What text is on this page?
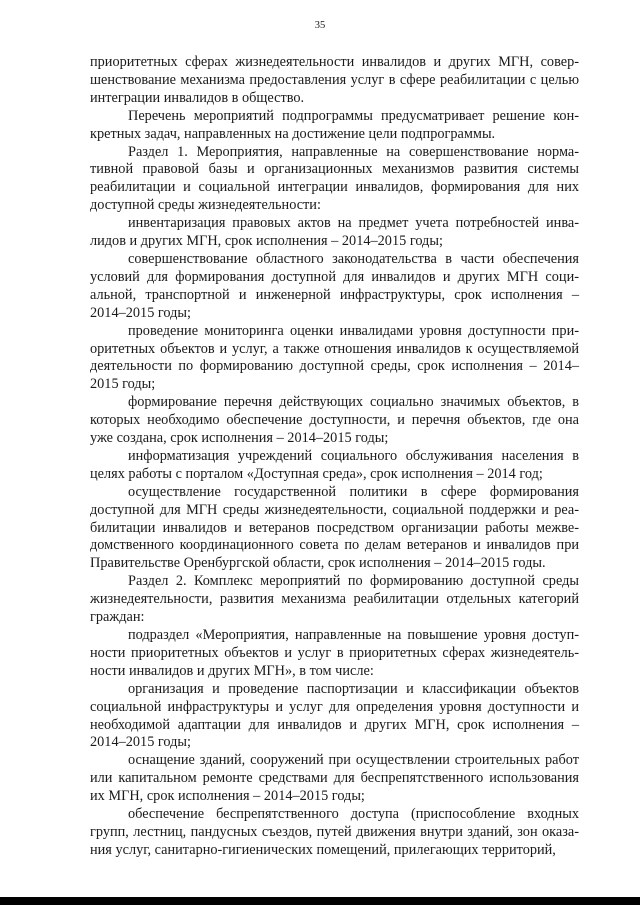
35

приоритетных сферах жизнедеятельности инвалидов и других МГН, совершенствование механизма предоставления услуг в сфере реабилитации с целью интеграции инвалидов в общество.

Перечень мероприятий подпрограммы предусматривает решение конкретных задач, направленных на достижение цели подпрограммы.

Раздел 1. Мероприятия, направленные на совершенствование нормативной правовой базы и организационных механизмов развития системы реабилитации и социальной интеграции инвалидов, формирования для них доступной среды жизнедеятельности:

инвентаризация правовых актов на предмет учета потребностей инвалидов и других МГН, срок исполнения – 2014–2015 годы;

совершенствование областного законодательства в части обеспечения условий для формирования доступной для инвалидов и других МГН социальной, транспортной и инженерной инфраструктуры, срок исполнения – 2014–2015 годы;

проведение мониторинга оценки инвалидами уровня доступности приоритетных объектов и услуг, а также отношения инвалидов к осуществляемой деятельности по формированию доступной среды, срок исполнения – 2014–2015 годы;

формирование перечня действующих социально значимых объектов, в которых необходимо обеспечение доступности, и перечня объектов, где она уже создана, срок исполнения – 2014–2015 годы;

информатизация учреждений социального обслуживания населения в целях работы с порталом «Доступная среда», срок исполнения – 2014 год;

осуществление государственной политики в сфере формирования доступной для МГН среды жизнедеятельности, социальной поддержки и реабилитации инвалидов и ветеранов посредством организации работы межведомственного координационного совета по делам ветеранов и инвалидов при Правительстве Оренбургской области, срок исполнения – 2014–2015 годы.

Раздел 2. Комплекс мероприятий по формированию доступной среды жизнедеятельности, развития механизма реабилитации отдельных категорий граждан:

подраздел «Мероприятия, направленные на повышение уровня доступности приоритетных объектов и услуг в приоритетных сферах жизнедеятельности инвалидов и других МГН», в том числе:

организация и проведение паспортизации и классификации объектов социальной инфраструктуры и услуг для определения уровня доступности и необходимой адаптации для инвалидов и других МГН, срок исполнения – 2014–2015 годы;

оснащение зданий, сооружений при осуществлении строительных работ или капитальном ремонте средствами для беспрепятственного использования их МГН, срок исполнения – 2014–2015 годы;

обеспечение беспрепятственного доступа (приспособление входных групп, лестниц, пандусных съездов, путей движения внутри зданий, зон оказания услуг, санитарно-гигиенических помещений, прилегающих территорий,
